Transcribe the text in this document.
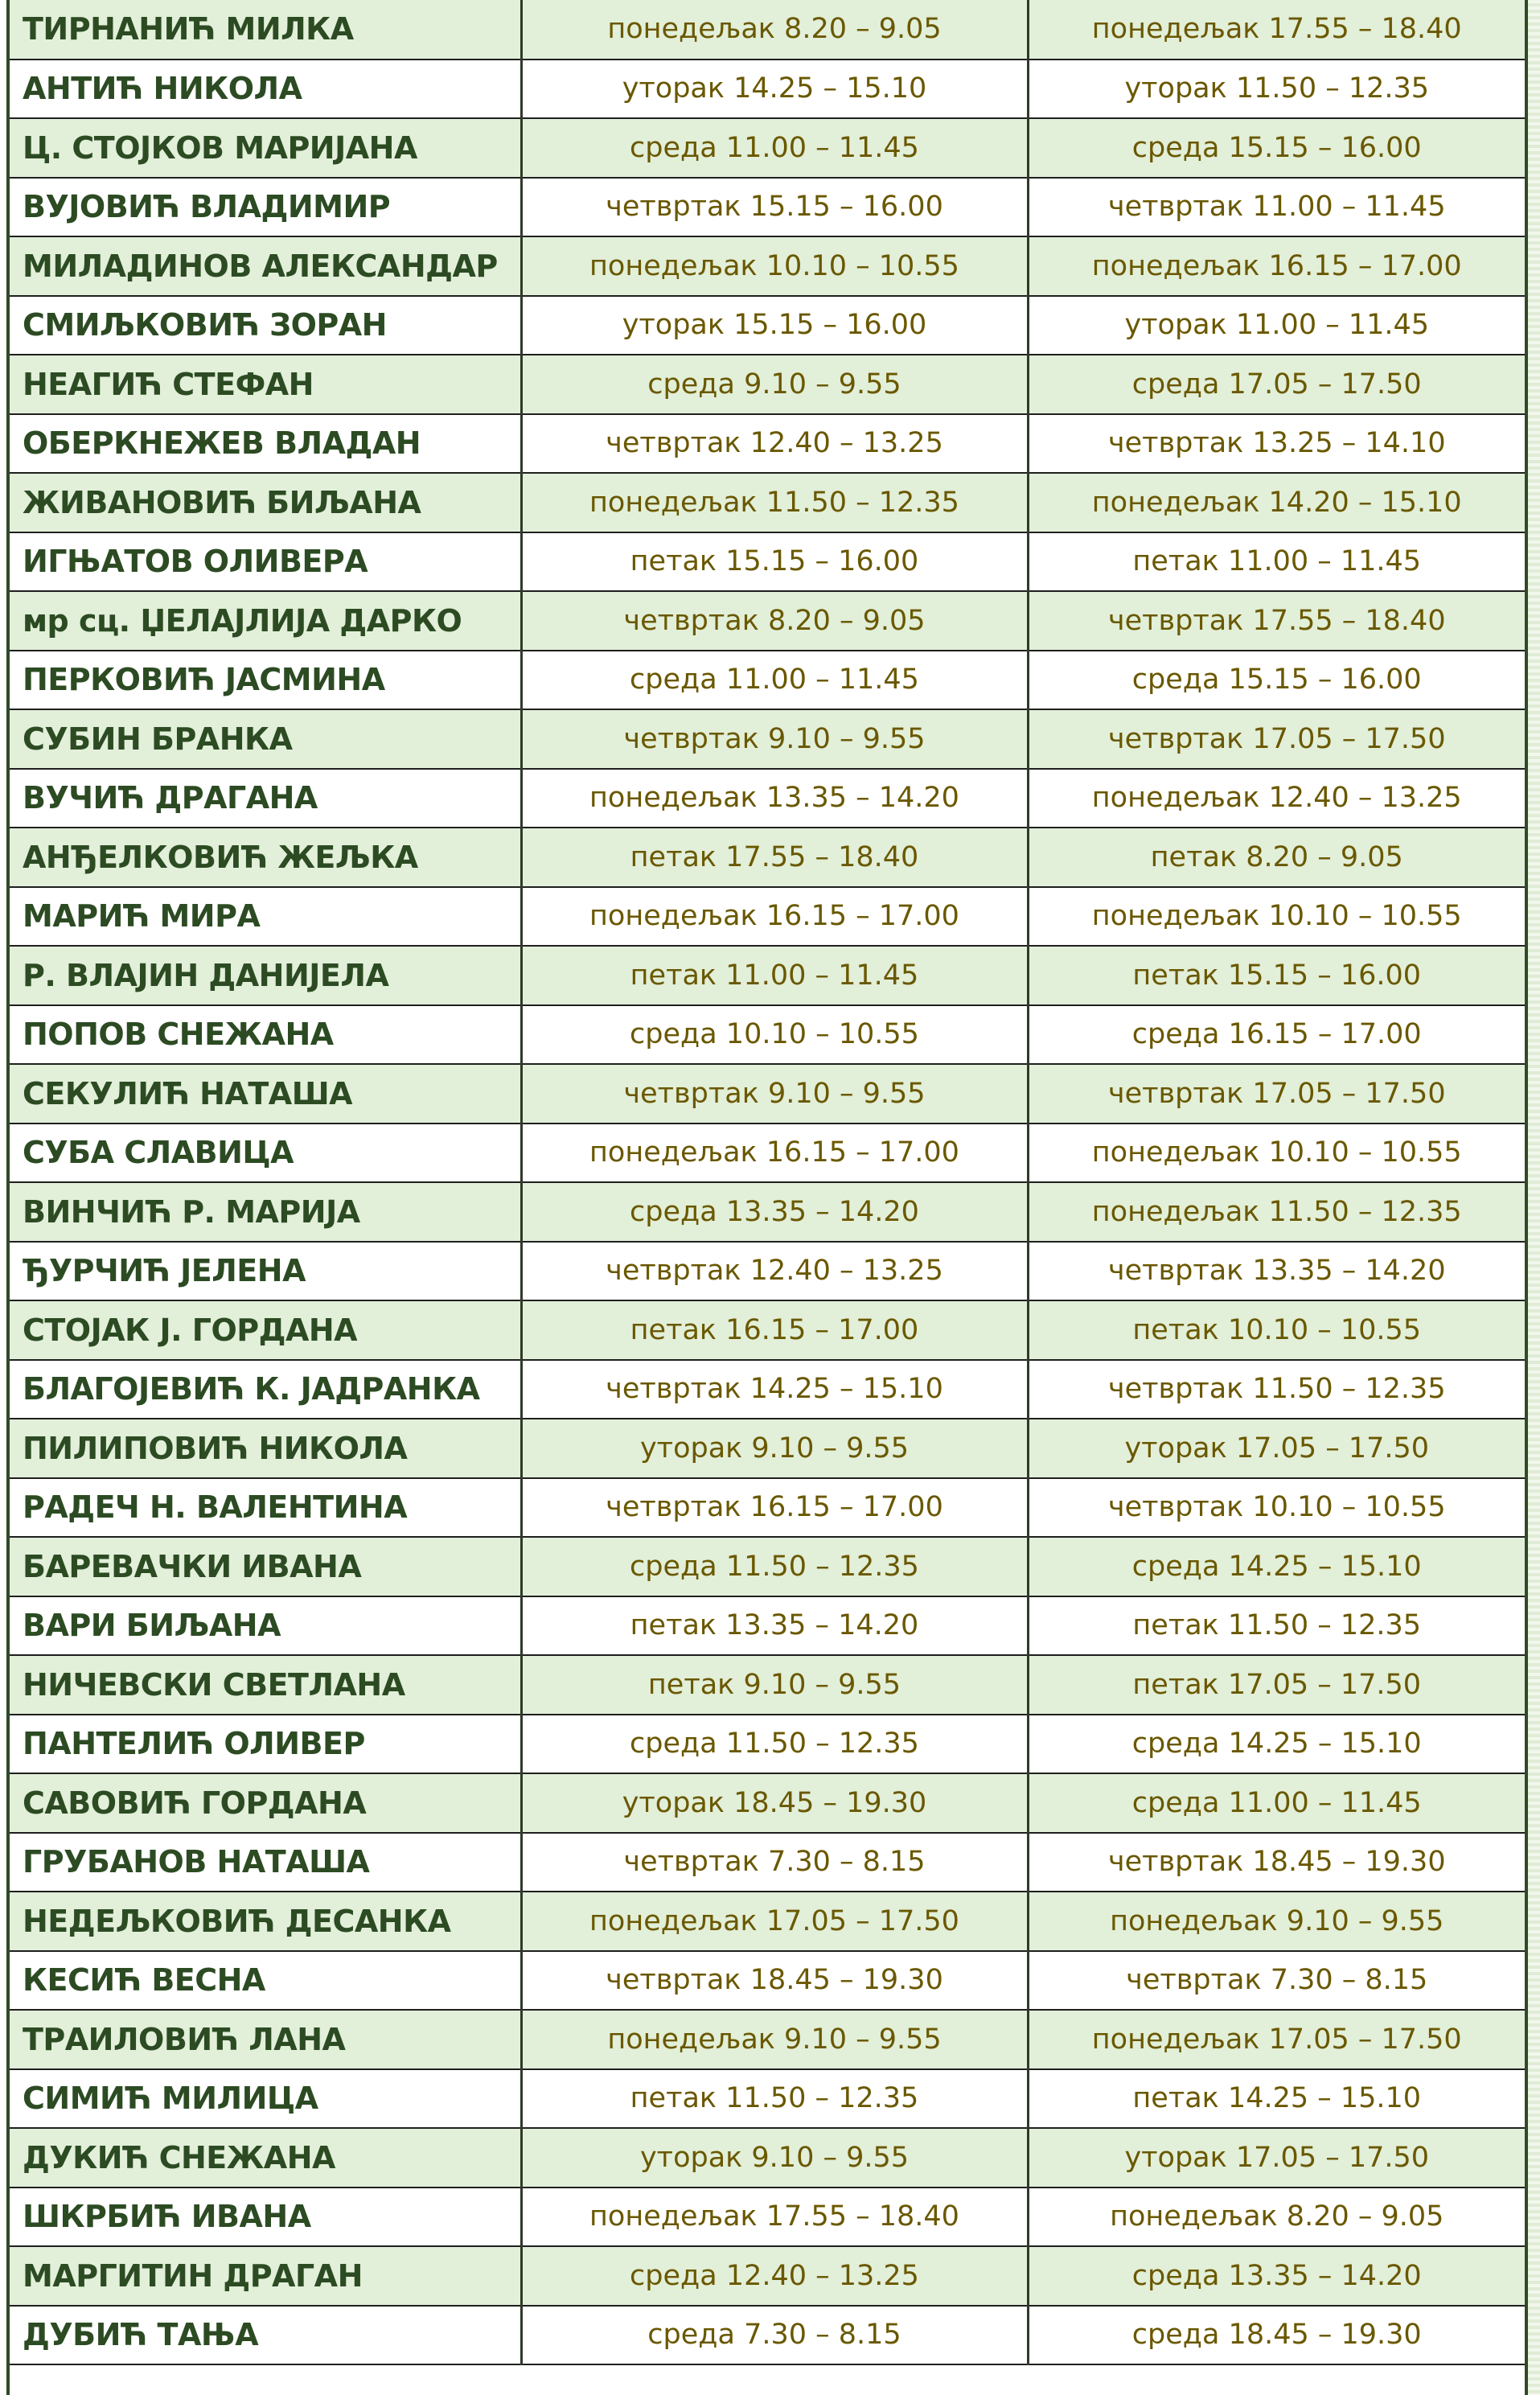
ТИРНАНИЋ МИЛКА	понедељак 8.20 – 9.05	понедељак 17.55 – 18.40
АНТИЋ НИКОЛА	уторак 14.25 – 15.10	уторак 11.50 – 12.35
Ц. СТОЈКОВ МАРИЈАНА	среда 11.00 – 11.45	среда 15.15 – 16.00
ВУЈОВИЋ ВЛАДИМИР	четвртак 15.15 – 16.00	четвртак 11.00 – 11.45
МИЛАДИНОВ АЛЕКСАНДАР	понедељак 10.10 – 10.55	понедељак 16.15 – 17.00
СМИЉКОВИЋ ЗОРАН	уторак 15.15 – 16.00	уторак 11.00 – 11.45
НЕАГИЋ СТЕФАН	среда 9.10 – 9.55	среда 17.05 – 17.50
ОБЕРКНЕЖЕВ ВЛАДАН	четвртак 12.40 – 13.25	четвртак 13.25 – 14.10
ЖИВАНОВИЋ БИЉАНА	понедељак 11.50 – 12.35	понедељак 14.20 – 15.10
ИГЊАТОВ ОЛИВЕРА	петак 15.15 – 16.00	петак 11.00 – 11.45
мр сц. ЏЕЛАЈЛИЈА ДАРКО	четвртак 8.20 – 9.05	четвртак 17.55 – 18.40
ПЕРКОВИЋ ЈАСМИНА	среда 11.00 – 11.45	среда 15.15 – 16.00
СУБИН БРАНКА	четвртак 9.10 – 9.55	четвртак 17.05 – 17.50
ВУЧИЋ ДРАГАНА	понедељак 13.35 – 14.20	понедељак 12.40 – 13.25
АНЂЕЛКОВИЋ ЖЕЉКА	петак 17.55 – 18.40	петак 8.20 – 9.05
МАРИЋ МИРА	понедељак 16.15 – 17.00	понедељак 10.10 – 10.55
Р. ВЛАЈИН ДАНИЈЕЛА	петак 11.00 – 11.45	петак 15.15 – 16.00
ПОПОВ СНЕЖАНА	среда 10.10 – 10.55	среда 16.15 – 17.00
СЕКУЛИЋ НАТАША	четвртак 9.10 – 9.55	четвртак 17.05 – 17.50
СУБА СЛАВИЦА	понедељак 16.15 – 17.00	понедељак 10.10 – 10.55
ВИНЧИЋ Р. МАРИЈА	среда 13.35 – 14.20	понедељак 11.50 – 12.35
ЂУРЧИЋ ЈЕЛЕНА	четвртак 12.40 – 13.25	четвртак 13.35 – 14.20
СТОЈАК Ј. ГОРДАНА	петак 16.15 – 17.00	петак 10.10 – 10.55
БЛАГОЈЕВИЋ К. ЈАДРАНКА	четвртак 14.25 – 15.10	четвртак 11.50 – 12.35
ПИЛИПОВИЋ НИКОЛА	уторак 9.10 – 9.55	уторак 17.05 – 17.50
РАДЕЧ Н. ВАЛЕНТИНА	четвртак 16.15 – 17.00	четвртак 10.10 – 10.55
БАРЕВАЧКИ ИВАНА	среда 11.50 – 12.35	среда 14.25 – 15.10
ВАРИ БИЉАНА	петак 13.35 – 14.20	петак 11.50 – 12.35
НИЧЕВСКИ СВЕТЛАНА	петак 9.10 – 9.55	петак 17.05 – 17.50
ПАНТЕЛИЋ ОЛИВЕР	среда 11.50 – 12.35	среда 14.25 – 15.10
САВОВИЋ ГОРДАНА	уторак 18.45 – 19.30	среда 11.00 – 11.45
ГРУБАНОВ НАТАША	четвртак 7.30 – 8.15	четвртак 18.45 – 19.30
НЕДЕЉКОВИЋ ДЕСАНКА	понедељак 17.05 – 17.50	понедељак 9.10 – 9.55
КЕСИЋ ВЕСНА	четвртак 18.45 – 19.30	четвртак 7.30 – 8.15
ТРАИЛОВИЋ ЛАНА	понедељак 9.10 – 9.55	понедељак 17.05 – 17.50
СИМИЋ МИЛИЦА	петак 11.50 – 12.35	петак 14.25 – 15.10
ДУКИЋ СНЕЖАНА	уторак 9.10 – 9.55	уторак 17.05 – 17.50
ШКРБИЋ ИВАНА	понедељак 17.55 – 18.40	понедељак 8.20 – 9.05
МАРГИТИН ДРАГАН	среда 12.40 – 13.25	среда 13.35 – 14.20
ДУБИЋ ТАЊА	среда 7.30 – 8.15	среда 18.45 – 19.30
